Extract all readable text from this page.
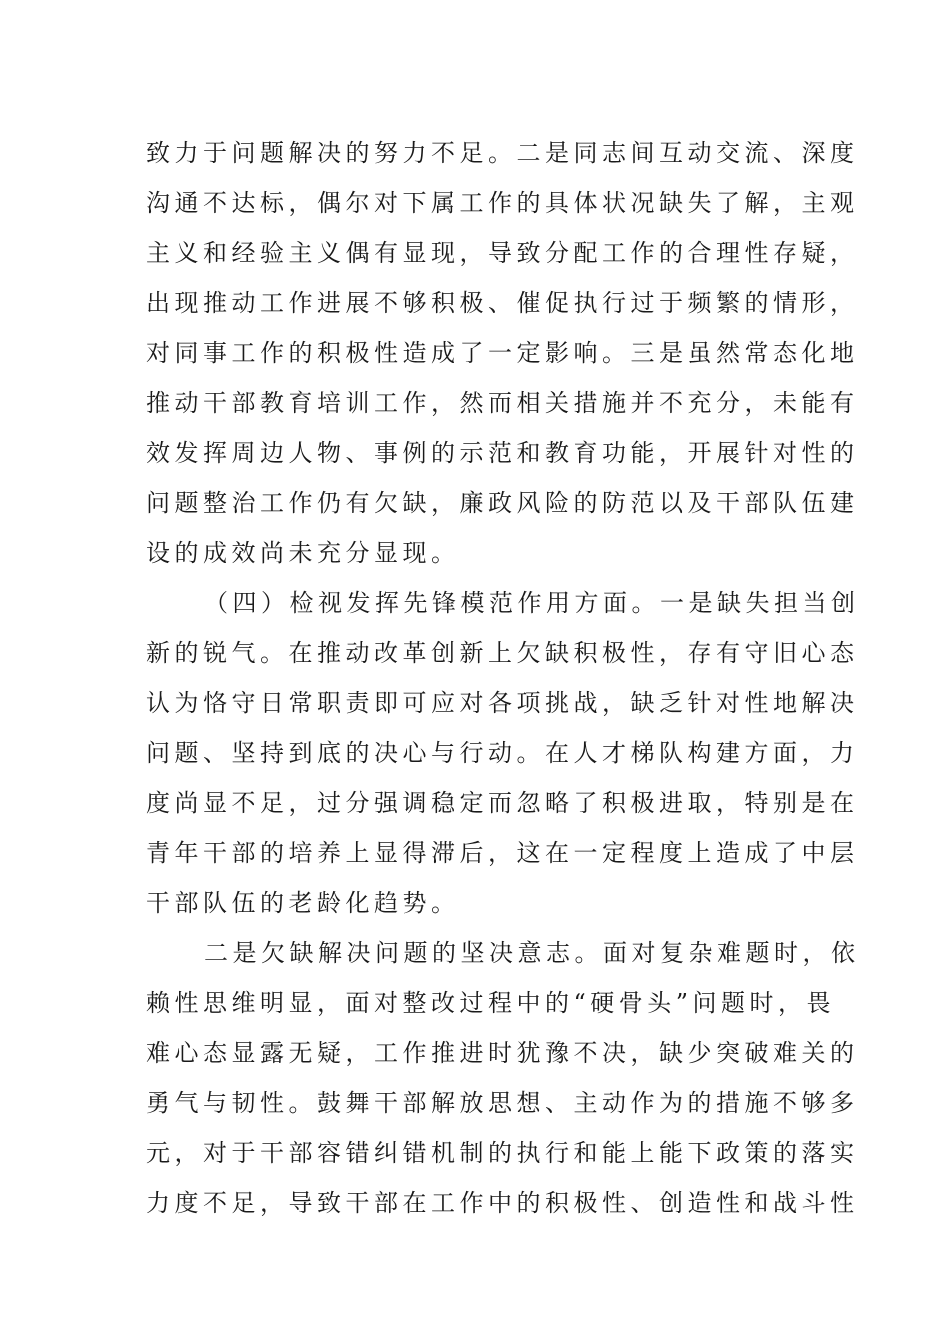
致力于问题解决的努力不足。二是同志间互动交流、深度
沟通不达标，偶尔对下属工作的具体状况缺失了解，主观
主义和经验主义偶有显现，导致分配工作的合理性存疑，
出现推动工作进展不够积极、催促执行过于频繁的情形，
对同事工作的积极性造成了一定影响。三是虽然常态化地
推动干部教育培训工作，然而相关措施并不充分，未能有
效发挥周边人物、事例的示范和教育功能，开展针对性的
问题整治工作仍有欠缺，廉政风险的防范以及干部队伍建
设的成效尚未充分显现。
（四）检视发挥先锋模范作用方面。一是缺失担当创
新的锐气。在推动改革创新上欠缺积极性，存有守旧心态
认为恪守日常职责即可应对各项挑战，缺乏针对性地解决
问题、坚持到底的决心与行动。在人才梯队构建方面，力
度尚显不足，过分强调稳定而忽略了积极进取，特别是在
青年干部的培养上显得滞后，这在一定程度上造成了中层
干部队伍的老龄化趋势。
二是欠缺解决问题的坚决意志。面对复杂难题时，依
赖性思维明显，面对整改过程中的“硬骨头”问题时，畏
难心态显露无疑，工作推进时犹豫不决，缺少突破难关的
勇气与韧性。鼓舞干部解放思想、主动作为的措施不够多
元，对于干部容错纠错机制的执行和能上能下政策的落实
力度不足，导致干部在工作中的积极性、创造性和战斗性
